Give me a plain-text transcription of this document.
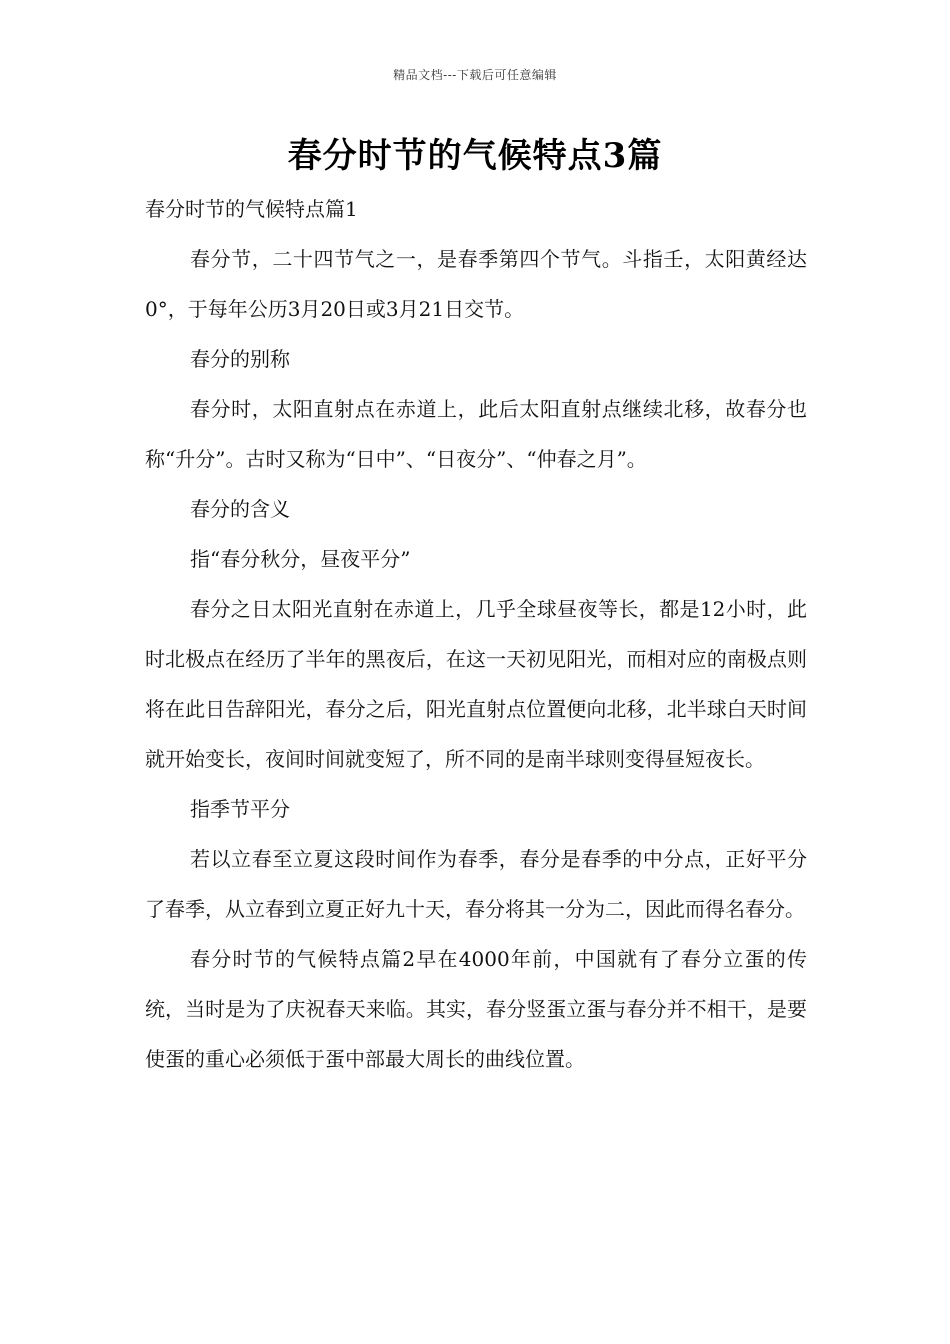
精品文档---下载后可任意编辑
春分时节的气候特点3篇

春分时节的气候特点篇1

春分节，二十四节气之一，是春季第四个节气。斗指壬，太阳黄经达0°，于每年公历3月20日或3月21日交节。

春分的别称

春分时，太阳直射点在赤道上，此后太阳直射点继续北移，故春分也称“升分”。古时又称为“日中”、“日夜分”、“仲春之月”。

春分的含义

指“春分秋分，昼夜平分”

春分之日太阳光直射在赤道上，几乎全球昼夜等长，都是12小时，此时北极点在经历了半年的黑夜后，在这一天初见阳光，而相对应的南极点则将在此日告辞阳光，春分之后，阳光直射点位置便向北移，北半球白天时间就开始变长，夜间时间就变短了，所不同的是南半球则变得昼短夜长。

指季节平分

若以立春至立夏这段时间作为春季，春分是春季的中分点，正好平分了春季，从立春到立夏正好九十天，春分将其一分为二，因此而得名春分。

春分时节的气候特点篇2早在4000年前，中国就有了春分立蛋的传统，当时是为了庆祝春天来临。其实，春分竖蛋立蛋与春分并不相干，是要使蛋的重心必须低于蛋中部最大周长的曲线位置。
